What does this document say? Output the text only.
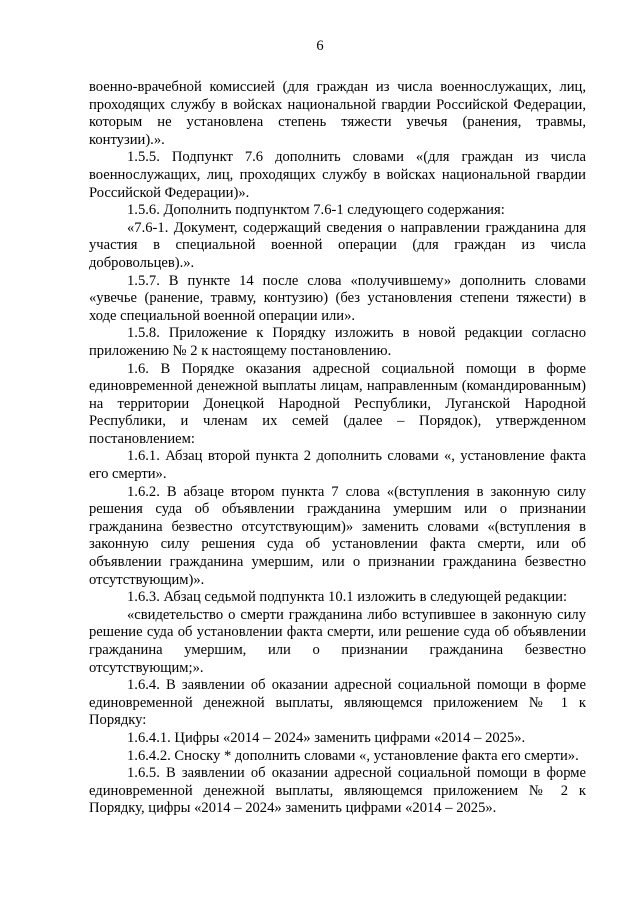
6

военно-врачебной комиссией (для граждан из числа военнослужащих, лиц, проходящих службу в войсках национальной гвардии Российской Федерации, которым не установлена степень тяжести увечья (ранения, травмы, контузии).».

1.5.5. Подпункт 7.6 дополнить словами «(для граждан из числа военнослужащих, лиц, проходящих службу в войсках национальной гвардии Российской Федерации)».

1.5.6. Дополнить подпунктом 7.6-1 следующего содержания:

«7.6-1. Документ, содержащий сведения о направлении гражданина для участия в специальной военной операции (для граждан из числа добровольцев).».

1.5.7. В пункте 14 после слова «получившему» дополнить словами «увечье (ранение, травму, контузию) (без установления степени тяжести) в ходе специальной военной операции или».

1.5.8. Приложение к Порядку изложить в новой редакции согласно приложению № 2 к настоящему постановлению.

1.6. В Порядке оказания адресной социальной помощи в форме единовременной денежной выплаты лицам, направленным (командированным) на территории Донецкой Народной Республики, Луганской Народной Республики, и членам их семей (далее – Порядок), утвержденном постановлением:

1.6.1. Абзац второй пункта 2 дополнить словами «, установление факта его смерти».

1.6.2. В абзаце втором пункта 7 слова «(вступления в законную силу решения суда об объявлении гражданина умершим или о признании гражданина безвестно отсутствующим)» заменить словами «(вступления в законную силу решения суда об установлении факта смерти, или об объявлении гражданина умершим, или о признании гражданина безвестно отсутствующим)».

1.6.3. Абзац седьмой подпункта 10.1 изложить в следующей редакции:

«свидетельство о смерти гражданина либо вступившее в законную силу решение суда об установлении факта смерти, или решение суда об объявлении гражданина умершим, или о признании гражданина безвестно отсутствующим;».

1.6.4. В заявлении об оказании адресной социальной помощи в форме единовременной денежной выплаты, являющемся приложением № 1 к Порядку:

1.6.4.1. Цифры «2014 – 2024» заменить цифрами «2014 – 2025».

1.6.4.2. Сноску * дополнить словами «, установление факта его смерти».

1.6.5. В заявлении об оказании адресной социальной помощи в форме единовременной денежной выплаты, являющемся приложением № 2 к Порядку, цифры «2014 – 2024» заменить цифрами «2014 – 2025».
